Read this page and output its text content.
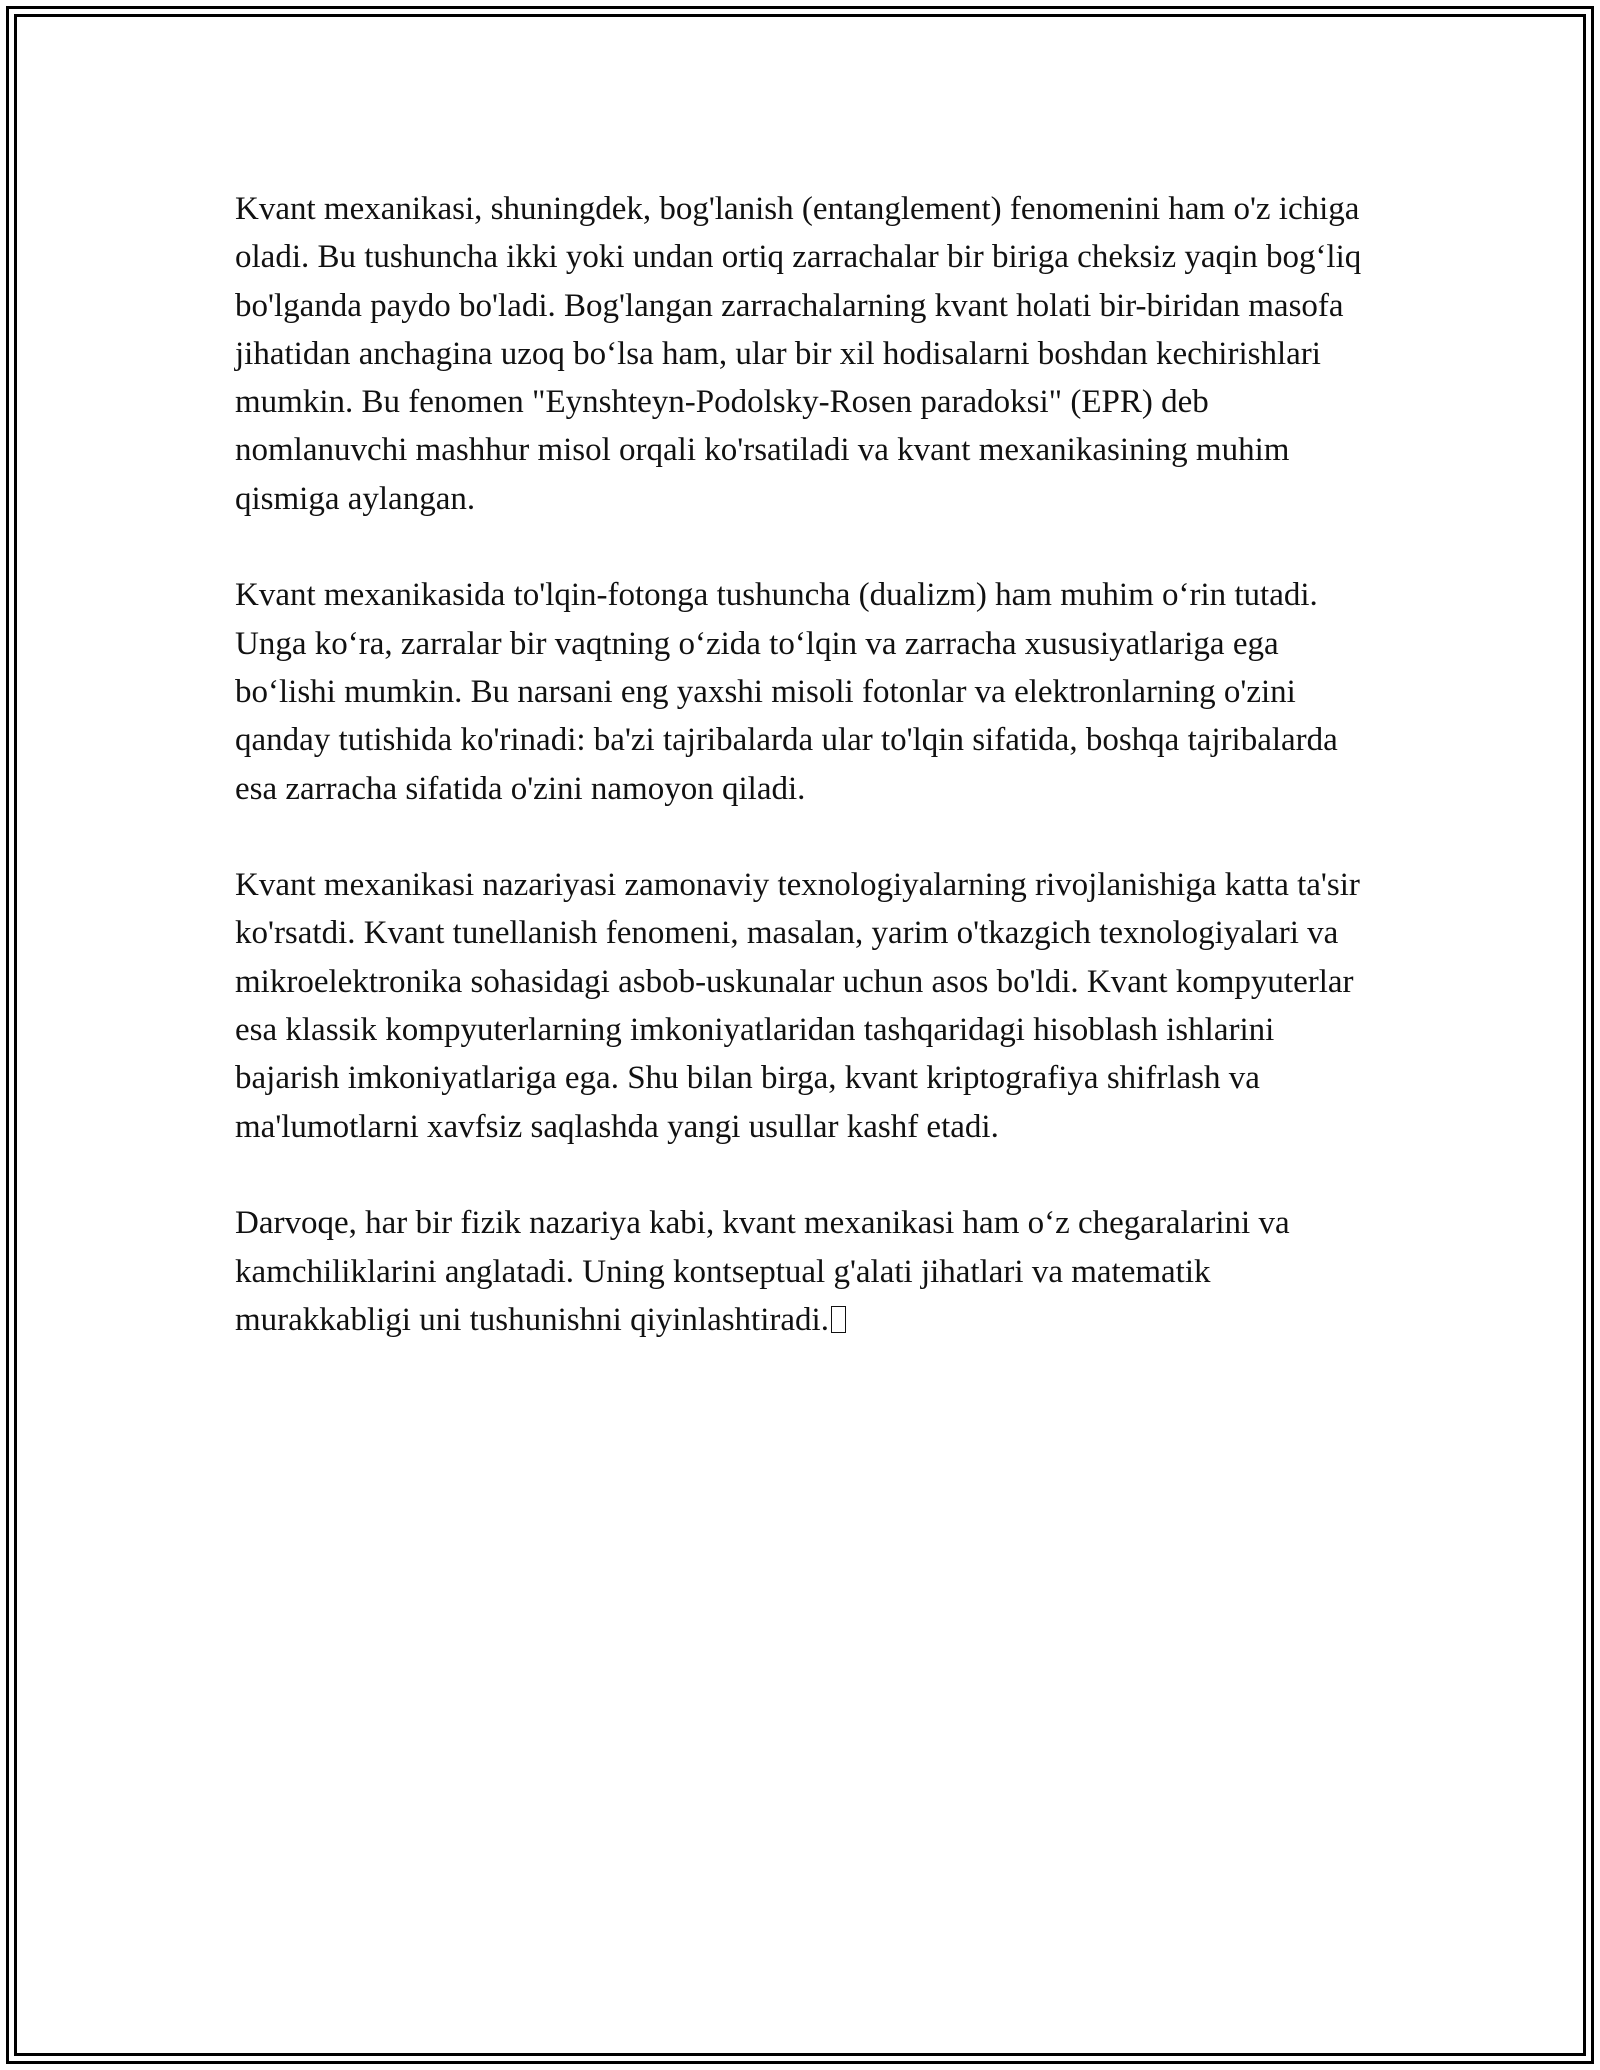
Kvant mexanikasi, shuningdek, bog'lanish (entanglement) fenomenini ham o'z ichiga oladi. Bu tushuncha ikki yoki undan ortiq zarrachalar bir biriga cheksiz yaqin bog‘liq bo'lganda paydo bo'ladi. Bog'langan zarrachalarning kvant holati bir-biridan masofa jihatidan anchagina uzoq bo‘lsa ham, ular bir xil hodisalarni boshdan kechirishlari mumkin. Bu fenomen "Eynshteyn-Podolsky-Rosen paradoksi" (EPR) deb nomlanuvchi mashhur misol orqali ko'rsatiladi va kvant mexanikasining muhim qismiga aylangan.

Kvant mexanikasida to'lqin-fotonga tushuncha (dualizm) ham muhim o‘rin tutadi. Unga ko‘ra, zarralar bir vaqtning o‘zida to‘lqin va zarracha xususiyatlariga ega bo‘lishi mumkin. Bu narsani eng yaxshi misoli fotonlar va elektronlarning o'zini qanday tutishida ko'rinadi: ba'zi tajribalarda ular to'lqin sifatida, boshqa tajribalarda esa zarracha sifatida o'zini namoyon qiladi.

Kvant mexanikasi nazariyasi zamonaviy texnologiyalarning rivojlanishiga katta ta'sir ko'rsatdi. Kvant tunellanish fenomeni, masalan, yarim o'tkazgich texnologiyalari va mikroelektronika sohasidagi asbob-uskunalar uchun asos bo'ldi. Kvant kompyuterlar esa klassik kompyuterlarning imkoniyatlaridan tashqaridagi hisoblash ishlarini bajarish imkoniyatlariga ega. Shu bilan birga, kvant kriptografiya shifrlash va ma'lumotlarni xavfsiz saqlashda yangi usullar kashf etadi.

Darvoqe, har bir fizik nazariya kabi, kvant mexanikasi ham o‘z chegaralarini va kamchiliklarini anglatadi. Uning kontseptual g'alati jihatlari va matematik murakkabligi uni tushunishni qiyinlashtiradi.
